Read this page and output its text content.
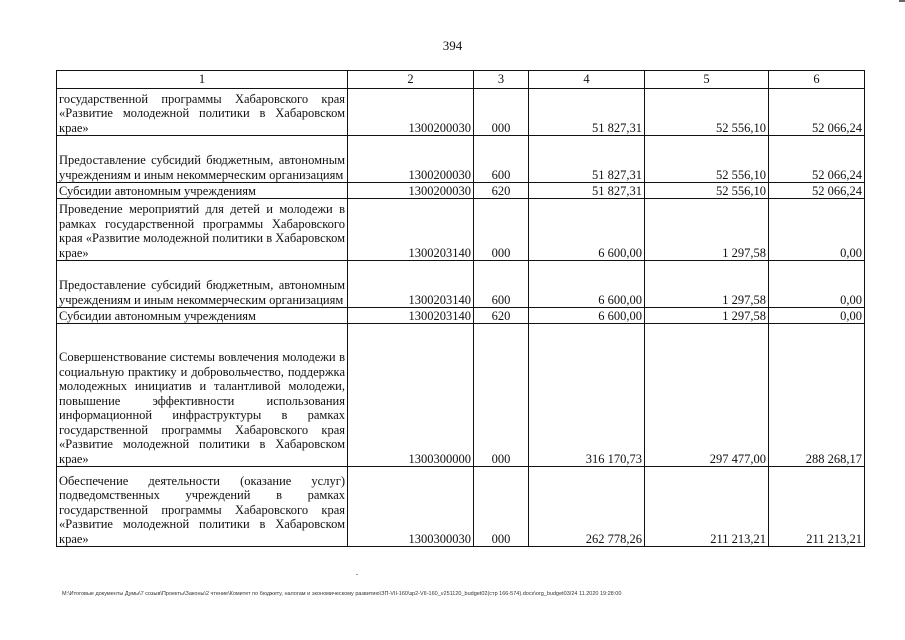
394
1	2	3	4	5	6
государственной программы Хабаровского края «Развитие молодежной политики в Хабаровском крае»	1300200030	000	51 827,31	52 556,10	52 066,24
Предоставление субсидий бюджетным, автономным учреждениям и иным некоммерческим организациям	1300200030	600	51 827,31	52 556,10	52 066,24
Субсидии автономным учреждениям	1300200030	620	51 827,31	52 556,10	52 066,24
Проведение мероприятий для детей и молодежи в рамках государственной программы Хабаровского края «Развитие молодежной политики в Хабаровском крае»	1300203140	000	6 600,00	1 297,58	0,00
Предоставление субсидий бюджетным, автономным учреждениям и иным некоммерческим организациям	1300203140	600	6 600,00	1 297,58	0,00
Субсидии автономным учреждениям	1300203140	620	6 600,00	1 297,58	0,00
Совершенствование системы вовлечения молодежи в социальную практику и добровольчество, поддержка молодежных инициатив и талантливой молодежи, повышение эффективности использования информационной инфраструктуры в рамках государственной программы Хабаровского края «Развитие молодежной политики в Хабаровском крае»	1300300000	000	316 170,73	297 477,00	288 268,17
Обеспечение деятельности (оказание услуг) подведомственных учреждений в рамках государственной программы Хабаровского края «Развитие молодежной политики в Хабаровском крае»	1300300030	000	262 778,26	211 213,21	211 213,21
M:\Итоговые документы Думы\7 созыв\Проекты\Законы\2 чтение\Комитет по бюджету, налогам и экономическому развитию\ЗП-VII-160\зр2-VII-160_v251120_budget02(стр 166-574).docx\org_budget03/24 11.2020 19:28:00
